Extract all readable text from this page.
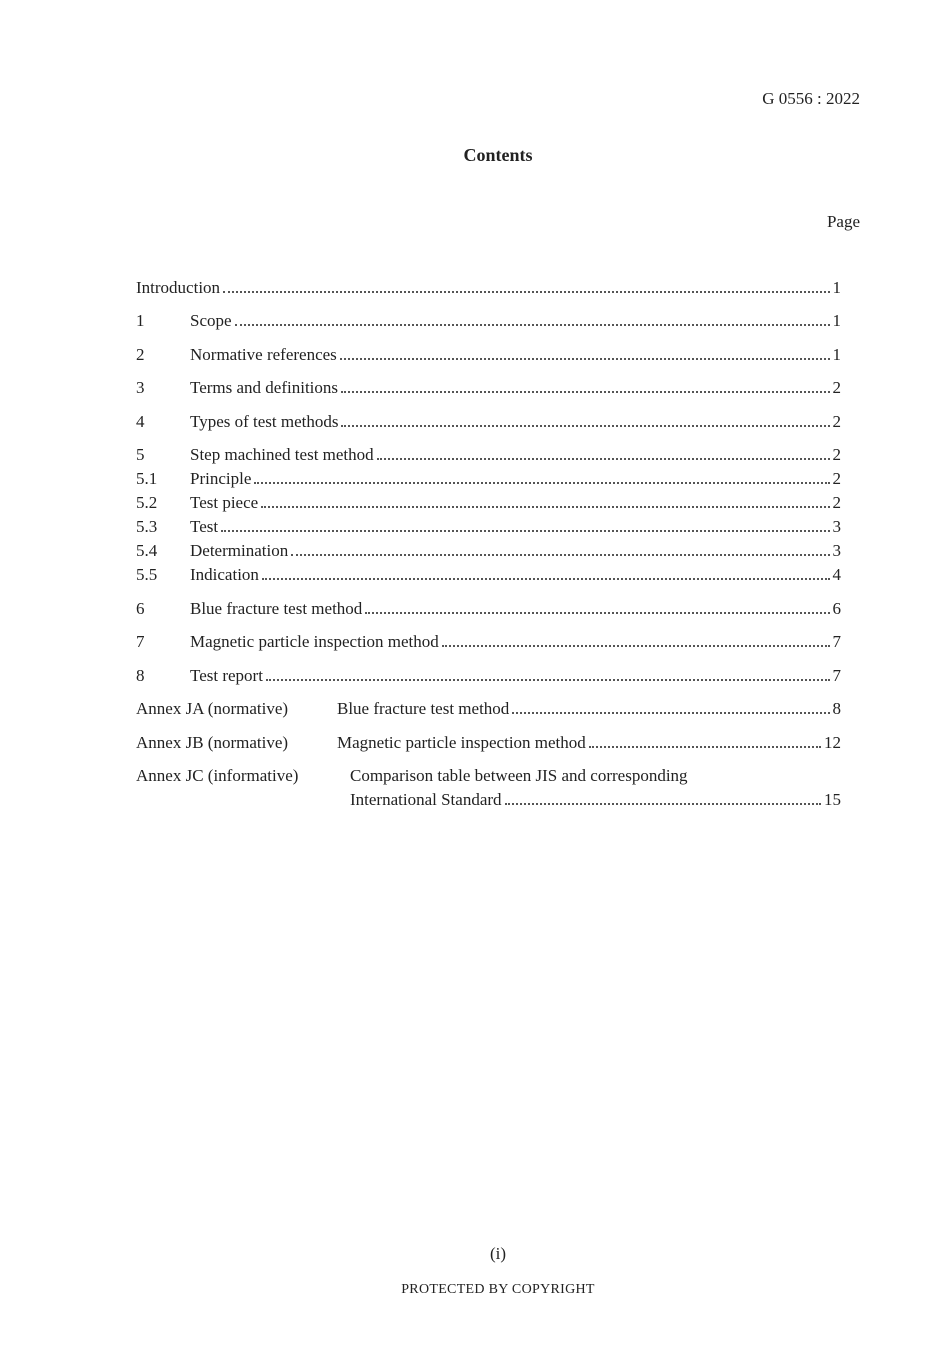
G 0556 : 2022
Contents
Page
Introduction	1
1	Scope	1
2	Normative references	1
3	Terms and definitions	2
4	Types of test methods	2
5	Step machined test method	2
5.1	Principle	2
5.2	Test piece	2
5.3	Test	3
5.4	Determination	3
5.5	Indication	4
6	Blue fracture test method	6
7	Magnetic particle inspection method	7
8	Test report	7
Annex JA (normative)	Blue fracture test method	8
Annex JB (normative)	Magnetic particle inspection method	12
Annex JC (informative)	Comparison table between JIS and corresponding
International Standard	15
(i)
PROTECTED BY COPYRIGHT
